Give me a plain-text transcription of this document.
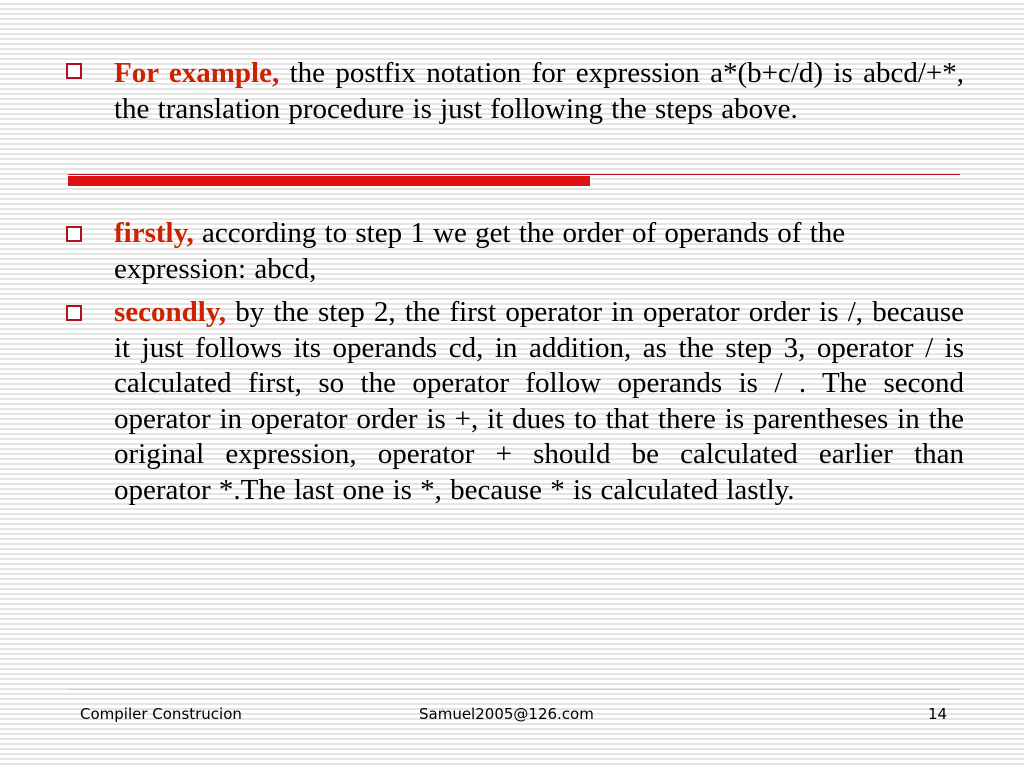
For example, the postfix notation for expression a*(b+c/d) is abcd/+*, the translation procedure is just following the steps above.
firstly, according to step 1 we get the order of operands of the expression: abcd,
secondly, by the step 2, the first operator in operator order is /, because it just follows its operands cd, in addition, as the step 3, operator / is calculated first, so the operator follow operands is / . The second operator in operator order is +, it dues to that there is parentheses in the original expression, operator + should be calculated earlier than operator *.The last one is *, because * is calculated lastly.
Compiler Construcion	Samuel2005@126.com	14
